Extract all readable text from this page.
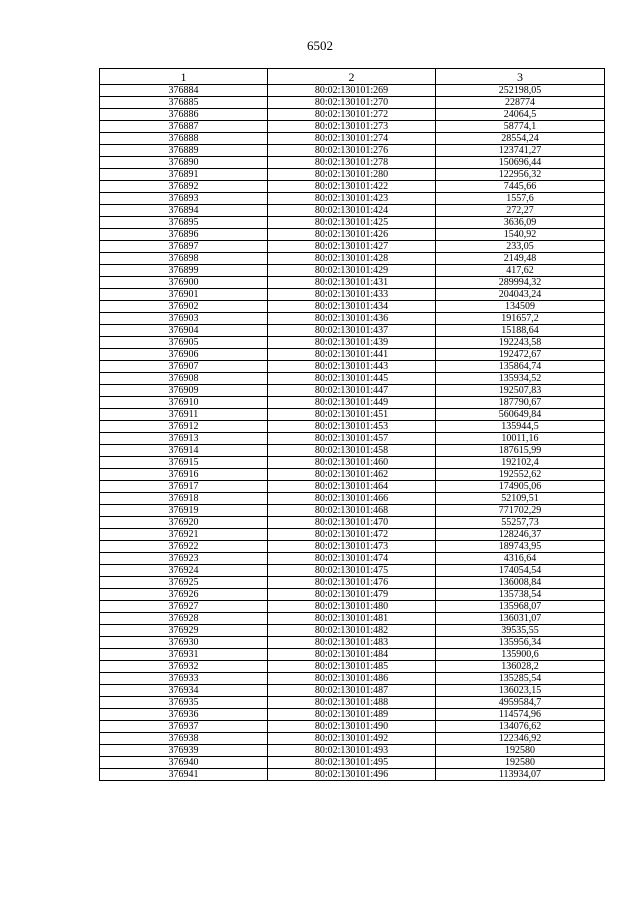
6502
1	2	3
376884	80:02:130101:269	252198,05
376885	80:02:130101:270	228774
376886	80:02:130101:272	24064,5
376887	80:02:130101:273	58774,1
376888	80:02:130101:274	28554,24
376889	80:02:130101:276	123741,27
376890	80:02:130101:278	150696,44
376891	80:02:130101:280	122956,32
376892	80:02:130101:422	7445,66
376893	80:02:130101:423	1557,6
376894	80:02:130101:424	272,27
376895	80:02:130101:425	3636,09
376896	80:02:130101:426	1540,92
376897	80:02:130101:427	233,05
376898	80:02:130101:428	2149,48
376899	80:02:130101:429	417,62
376900	80:02:130101:431	289994,32
376901	80:02:130101:433	204043,24
376902	80:02:130101:434	134509
376903	80:02:130101:436	191657,2
376904	80:02:130101:437	15188,64
376905	80:02:130101:439	192243,58
376906	80:02:130101:441	192472,67
376907	80:02:130101:443	135864,74
376908	80:02:130101:445	135934,52
376909	80:02:130101:447	192507,83
376910	80:02:130101:449	187790,67
376911	80:02:130101:451	560649,84
376912	80:02:130101:453	135944,5
376913	80:02:130101:457	10011,16
376914	80:02:130101:458	187615,99
376915	80:02:130101:460	192102,4
376916	80:02:130101:462	192552,62
376917	80:02:130101:464	174905,06
376918	80:02:130101:466	52109,51
376919	80:02:130101:468	771702,29
376920	80:02:130101:470	55257,73
376921	80:02:130101:472	128246,37
376922	80:02:130101:473	189743,95
376923	80:02:130101:474	4316,64
376924	80:02:130101:475	174054,54
376925	80:02:130101:476	136008,84
376926	80:02:130101:479	135738,54
376927	80:02:130101:480	135968,07
376928	80:02:130101:481	136031,07
376929	80:02:130101:482	39535,55
376930	80:02:130101:483	135956,34
376931	80:02:130101:484	135900,6
376932	80:02:130101:485	136028,2
376933	80:02:130101:486	135285,54
376934	80:02:130101:487	136023,15
376935	80:02:130101:488	4959584,7
376936	80:02:130101:489	114574,96
376937	80:02:130101:490	134076,62
376938	80:02:130101:492	122346,92
376939	80:02:130101:493	192580
376940	80:02:130101:495	192580
376941	80:02:130101:496	113934,07
